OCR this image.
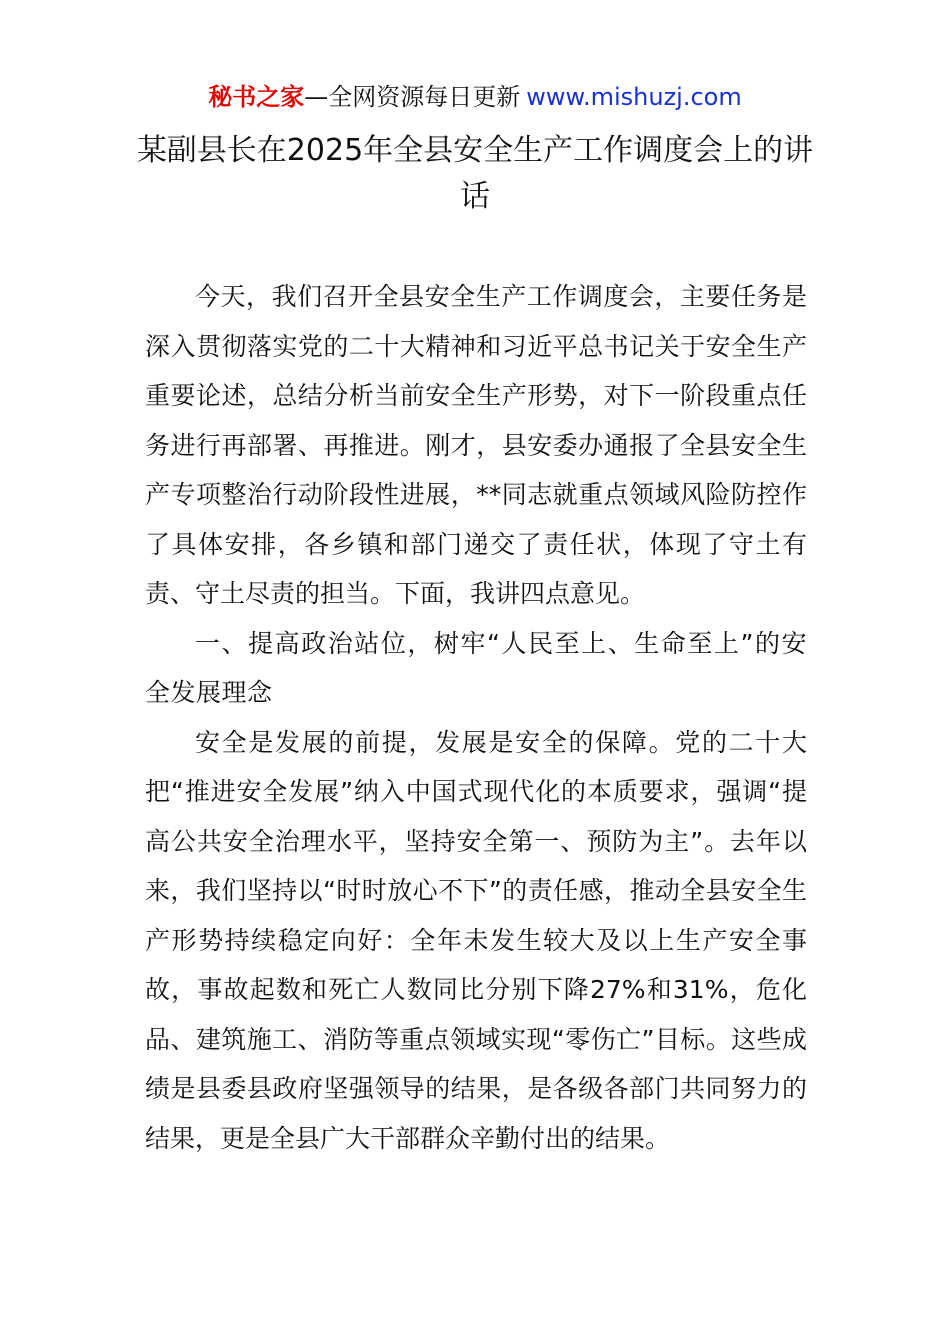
秘书之家—全网资源每日更新 www.mishuzj.com
某副县长在2025年全县安全生产工作调度会上的讲话

今天，我们召开全县安全生产工作调度会，主要任务是深入贯彻落实党的二十大精神和习近平总书记关于安全生产重要论述，总结分析当前安全生产形势，对下一阶段重点任务进行再部署、再推进。刚才，县安委办通报了全县安全生产专项整治行动阶段性进展，**同志就重点领域风险防控作了具体安排，各乡镇和部门递交了责任状，体现了守土有责、守土尽责的担当。下面，我讲四点意见。

一、提高政治站位，树牢“人民至上、生命至上”的安全发展理念

安全是发展的前提，发展是安全的保障。党的二十大把“推进安全发展”纳入中国式现代化的本质要求，强调“提高公共安全治理水平，坚持安全第一、预防为主”。去年以来，我们坚持以“时时放心不下”的责任感，推动全县安全生产形势持续稳定向好：全年未发生较大及以上生产安全事故，事故起数和死亡人数同比分别下降27%和31%，危化品、建筑施工、消防等重点领域实现“零伤亡”目标。这些成绩是县委县政府坚强领导的结果，是各级各部门共同努力的结果，更是全县广大干部群众辛勤付出的结果。
